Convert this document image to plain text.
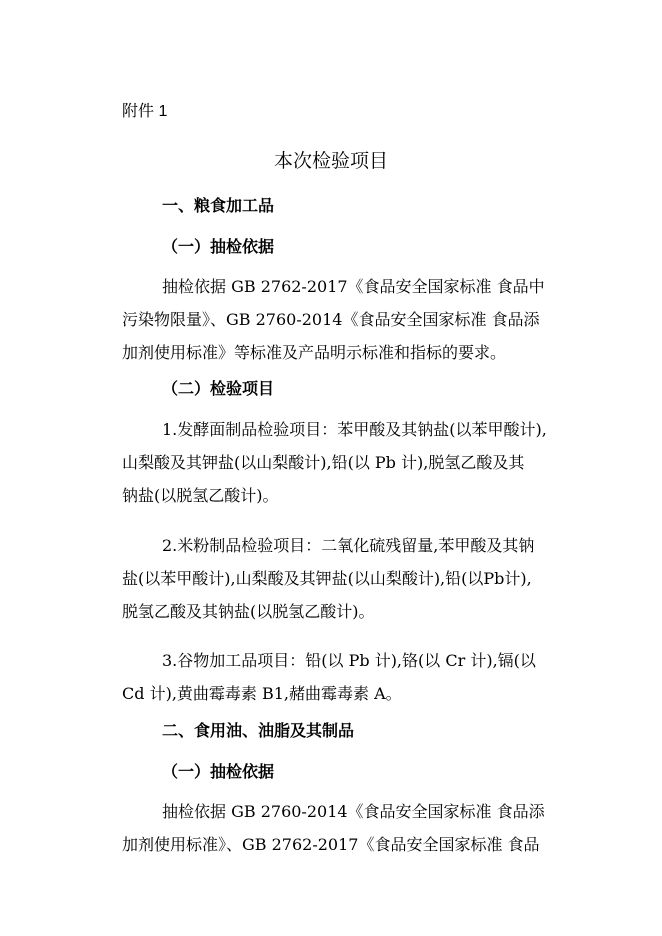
附件 1
本次检验项目
一、粮食加工品
（一）抽检依据
抽检依据 GB 2762-2017《食品安全国家标准 食品中
污染物限量》、GB 2760-2014《食品安全国家标准 食品添
加剂使用标准》等标准及产品明示标准和指标的要求。
（二）检验项目
1.发酵面制品检验项目：苯甲酸及其钠盐(以苯甲酸计),
山梨酸及其钾盐(以山梨酸计),铅(以 Pb 计),脱氢乙酸及其
钠盐(以脱氢乙酸计)。
2.米粉制品检验项目：二氧化硫残留量,苯甲酸及其钠
盐(以苯甲酸计),山梨酸及其钾盐(以山梨酸计),铅(以Pb计),
脱氢乙酸及其钠盐(以脱氢乙酸计)。
3.谷物加工品项目：铅(以 Pb 计),铬(以 Cr 计),镉(以
Cd 计),黄曲霉毒素 B1,赭曲霉毒素 A。
二、食用油、油脂及其制品
（一）抽检依据
抽检依据 GB 2760-2014《食品安全国家标准 食品添
加剂使用标准》、GB 2762-2017《食品安全国家标准 食品
